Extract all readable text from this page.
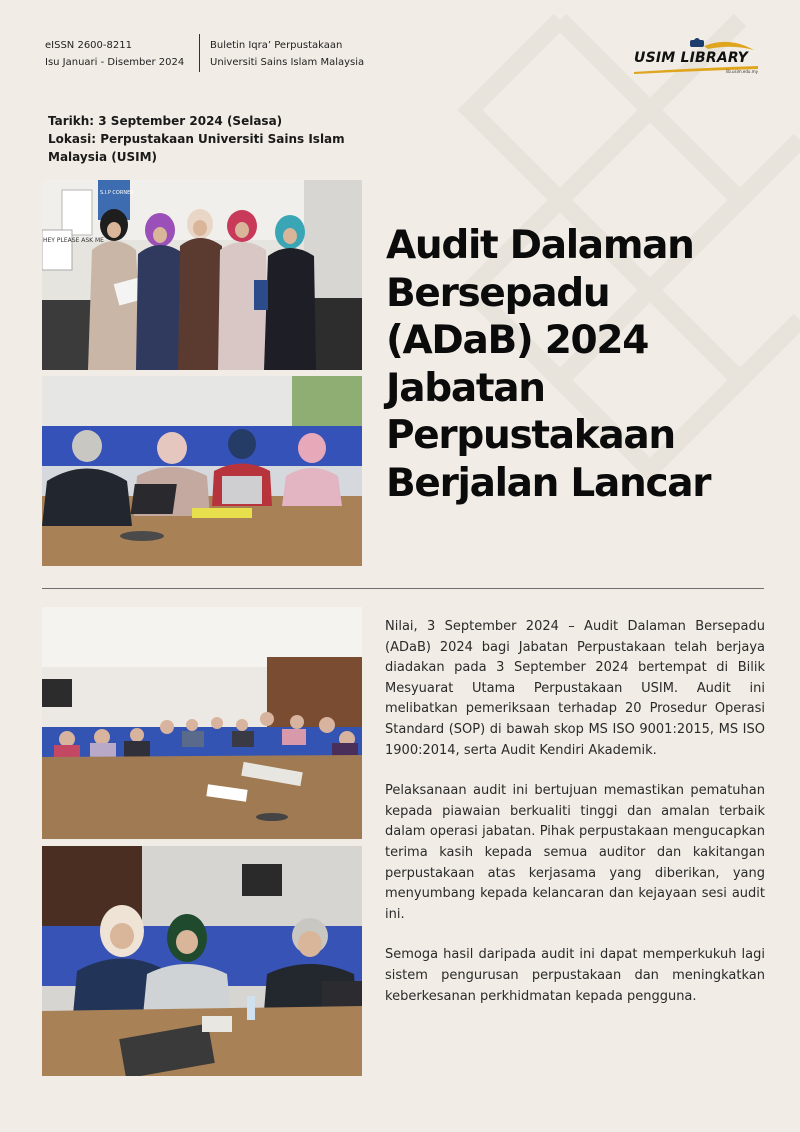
eISSN 2600-8211
Isu Januari - Disember 2024
Buletin Iqra’ Perpustakaan
Universiti Sains Islam Malaysia	USIM LIBRARY
lib.usim.edu.my
Tarikh: 3 September 2024 (Selasa)
Lokasi: Perpustakaan Universiti Sains Islam Malaysia (USIM)
S.I.P CORNER
HEY PLEASE ASK ME	Audit Dalaman
Bersepadu
(ADaB) 2024
Jabatan
Perpustakaan
Berjalan Lancar

Nilai, 3 September 2024 – Audit Dalaman Bersepadu (ADaB) 2024 bagi Jabatan Perpustakaan telah berjaya diadakan pada 3 September 2024 bertempat di Bilik Mesyuarat Utama Perpustakaan USIM. Audit ini melibatkan pemeriksaan terhadap 20 Prosedur Operasi Standard (SOP) di bawah skop MS ISO 9001:2015, MS ISO 1900:2014, serta Audit Kendiri Akademik.

Pelaksanaan audit ini bertujuan memastikan pematuhan kepada piawaian berkualiti tinggi dan amalan terbaik dalam operasi jabatan. Pihak perpustakaan mengucapkan terima kasih kepada semua auditor dan kakitangan perpustakaan atas kerjasama yang diberikan, yang menyumbang kepada kelancaran dan kejayaan sesi audit ini.

Semoga hasil daripada audit ini dapat memperkukuh lagi sistem pengurusan perpustakaan dan meningkatkan keberkesanan perkhidmatan kepada pengguna.
